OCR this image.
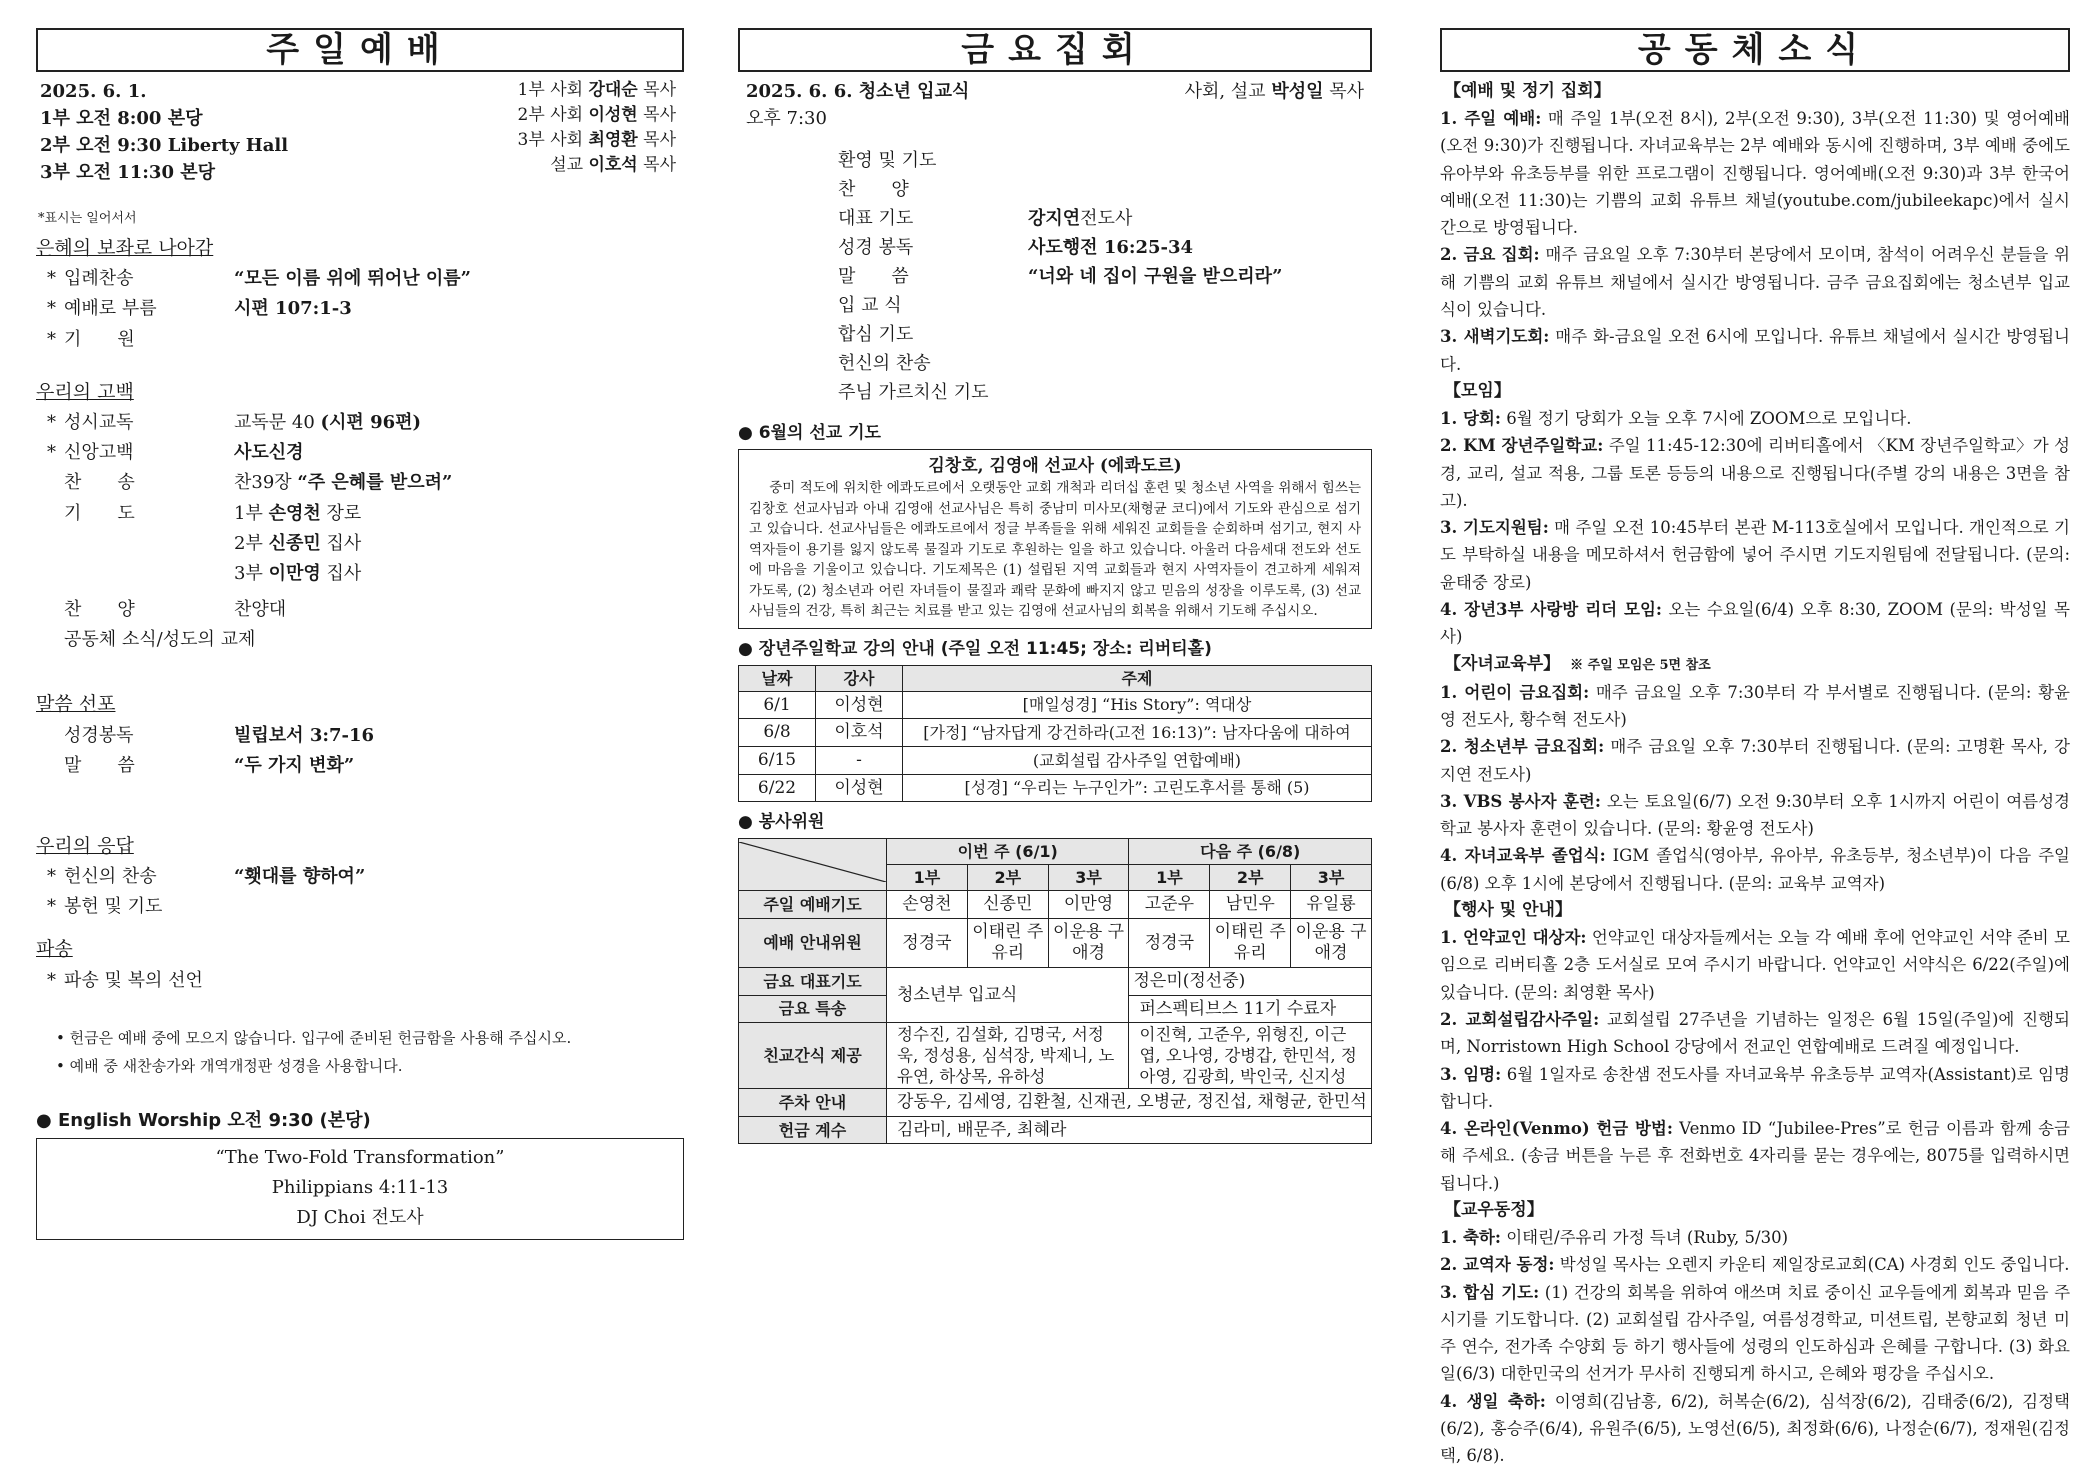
주일예배
2025. 6. 1.
1부 오전 8:00 본당
2부 오전 9:30 Liberty Hall
3부 오전 11:30 본당
1부 사회 강대순 목사
2부 사회 이성현 목사
3부 사회 최영환 목사
설교 이호석 목사
*표시는 일어서서
은혜의 보좌로 나아감
* 입례찬송	“모든 이름 위에 뛰어난 이름”
* 예배로 부름	시편 107:1-3
* 기　　원
우리의 고백
* 성시교독	교독문 40 (시편 96편)
* 신앙고백	사도신경
찬　　송	찬39장 “주 은혜를 받으려”
기　　도	1부 손영천 장로
2부 신종민 집사
3부 이만영 집사
찬　　양	찬양대
공동체 소식/성도의 교제
말씀 선포
성경봉독	빌립보서 3:7-16
말　　씀	“두 가지 변화”
우리의 응답
* 헌신의 찬송	“횃대를 향하여”
* 봉헌 및 기도
파송
* 파송 및 복의 선언
• 헌금은 예배 중에 모으지 않습니다. 입구에 준비된 헌금함을 사용해 주십시오.
• 예배 중 새찬송가와 개역개정판 성경을 사용합니다.
● English Worship 오전 9:30 (본당)
“The Two-Fold Transformation”
Philippians 4:11-13
DJ Choi 전도사
금요집회
2025. 6. 6. 청소년 입교식	사회, 설교 박성일 목사
오후 7:30
환영 및 기도
찬　　양
대표 기도	강지연 전도사
성경 봉독	사도행전 16:25-34
말　　씀	“너와 네 집이 구원을 받으리라”
입 교 식
합심 기도
헌신의 찬송
주님 가르치신 기도
● 6월의 선교 기도
김창호, 김영애 선교사 (에콰도르)
중미 적도에 위치한 에콰도르에서 오랫동안 교회 개척과 리더십 훈련 및 청소년 사역을 위해서 힘쓰는 김창호 선교사님과 아내 김영애 선교사님은 특히 중남미 미사모(채형균 코디)에서 기도와 관심으로 섬기고 있습니다. 선교사님들은 에콰도르에서 정글 부족들을 위해 세워진 교회들을 순회하며 섬기고, 현지 사역자들이 용기를 잃지 않도록 물질과 기도로 후원하는 일을 하고 있습니다. 아울러 다음세대 전도와 선도에 마음을 기울이고 있습니다. 기도제목은 (1) 설립된 지역 교회들과 현지 사역자들이 견고하게 세워져 가도록, (2) 청소년과 어린 자녀들이 물질과 쾌락 문화에 빠지지 않고 믿음의 성장을 이루도록, (3) 선교사님들의 건강, 특히 최근는 치료를 받고 있는 김영애 선교사님의 회복을 위해서 기도해 주십시오.
● 장년주일학교 강의 안내 (주일 오전 11:45; 장소: 리버티홀)
날짜	강사	주제
6/1	이성현	[매일성경] “His Story”: 역대상
6/8	이호석	[가정] “남자답게 강건하라(고전 16:13)”: 남자다움에 대하여
6/15	-	(교회설립 감사주일 연합예배)
6/22	이성현	[성경] “우리는 누구인가”: 고린도후서를 통해 (5)
● 봉사위원
	이번 주 (6/1)			다음 주 (6/8)		
	1부	2부	3부	1부	2부	3부
주일 예배기도	손영천	신종민	이만영	고준우	남민우	유일룡
예배 안내위원	정경국	이태린 주유리	이운용 구애경	정경국	이태린 주유리	이운용 구애경
금요 대표기도	청소년부 입교식			정은미(정선중)		
금요 특송				퍼스펙티브스 11기 수료자		
친교간식 제공	정수진, 김설화, 김명국, 서정욱, 정성용, 심석장, 박제니, 노유연, 하상목, 유하성			이진혁, 고준우, 위형진, 이근엽, 오나영, 강병갑, 한민석, 정아영, 김광희, 박인국, 신지성		
주차 안내	강동우, 김세영, 김환철, 신재권, 오병균, 정진섭, 채형균, 한민석					
헌금 계수	김라미, 배문주, 최혜라					
공동체소식
【예배 및 정기 집회】

1. 주일 예배: 매 주일 1부(오전 8시), 2부(오전 9:30), 3부(오전 11:30) 및 영어예배(오전 9:30)가 진행됩니다. 자녀교육부는 2부 예배와 동시에 진행하며, 3부 예배 중에도 유아부와 유초등부를 위한 프로그램이 진행됩니다. 영어예배(오전 9:30)과 3부 한국어 예배(오전 11:30)는 기쁨의 교회 유튜브 채널(youtube.com/jubileekapc)에서 실시간으로 방영됩니다.

2. 금요 집회: 매주 금요일 오후 7:30부터 본당에서 모이며, 참석이 어려우신 분들을 위해 기쁨의 교회 유튜브 채널에서 실시간 방영됩니다. 금주 금요집회에는 청소년부 입교식이 있습니다.

3. 새벽기도회: 매주 화-금요일 오전 6시에 모입니다. 유튜브 채널에서 실시간 방영됩니다.

【모임】

1. 당회: 6월 정기 당회가 오늘 오후 7시에 ZOOM으로 모입니다.

2. KM 장년주일학교: 주일 11:45-12:30에 리버티홀에서 〈KM 장년주일학교〉가 성경, 교리, 설교 적용, 그룹 토론 등등의 내용으로 진행됩니다(주별 강의 내용은 3면을 참고).

3. 기도지원팀: 매 주일 오전 10:45부터 본관 M-113호실에서 모입니다. 개인적으로 기도 부탁하실 내용을 메모하셔서 헌금함에 넣어 주시면 기도지원팀에 전달됩니다. (문의: 윤태중 장로)

4. 장년3부 사랑방 리더 모임: 오는 수요일(6/4) 오후 8:30, ZOOM (문의: 박성일 목사)

【자녀교육부】 ※ 주일 모임은 5면 참조

1. 어린이 금요집회: 매주 금요일 오후 7:30부터 각 부서별로 진행됩니다. (문의: 황윤영 전도사, 황수혁 전도사)

2. 청소년부 금요집회: 매주 금요일 오후 7:30부터 진행됩니다. (문의: 고명환 목사, 강지연 전도사)

3. VBS 봉사자 훈련: 오는 토요일(6/7) 오전 9:30부터 오후 1시까지 어린이 여름성경학교 봉사자 훈련이 있습니다. (문의: 황윤영 전도사)

4. 자녀교육부 졸업식: IGM 졸업식(영아부, 유아부, 유초등부, 청소년부)이 다음 주일(6/8) 오후 1시에 본당에서 진행됩니다. (문의: 교육부 교역자)

【행사 및 안내】

1. 언약교인 대상자: 언약교인 대상자들께서는 오늘 각 예배 후에 언약교인 서약 준비 모임으로 리버티홀 2층 도서실로 모여 주시기 바랍니다. 언약교인 서약식은 6/22(주일)에 있습니다. (문의: 최영환 목사)

2. 교회설립감사주일: 교회설립 27주년을 기념하는 일정은 6월 15일(주일)에 진행되며, Norristown High School 강당에서 전교인 연합예배로 드려질 예정입니다.

3. 임명: 6월 1일자로 송찬샘 전도사를 자녀교육부 유초등부 교역자(Assistant)로 임명합니다.

4. 온라인(Venmo) 헌금 방법: Venmo ID “Jubilee-Pres”로 헌금 이름과 함께 송금해 주세요. (송금 버튼을 누른 후 전화번호 4자리를 묻는 경우에는, 8075를 입력하시면 됩니다.)

【교우동정】

1. 축하: 이태린/주유리 가정 득녀 (Ruby, 5/30)

2. 교역자 동정: 박성일 목사는 오렌지 카운티 제일장로교회(CA) 사경회 인도 중입니다.

3. 합심 기도: (1) 건강의 회복을 위하여 애쓰며 치료 중이신 교우들에게 회복과 믿음 주시기를 기도합니다. (2) 교회설립 감사주일, 여름성경학교, 미션트립, 본향교회 청년 미주 연수, 전가족 수양회 등 하기 행사들에 성령의 인도하심과 은혜를 구합니다. (3) 화요일(6/3) 대한민국의 선거가 무사히 진행되게 하시고, 은혜와 평강을 주십시오.

4. 생일 축하: 이영희(김남흥, 6/2), 허복순(6/2), 심석장(6/2), 김태중(6/2), 김정택(6/2), 홍승주(6/4), 유원주(6/5), 노영선(6/5), 최정화(6/6), 나정순(6/7), 정재원(김정택, 6/8).
